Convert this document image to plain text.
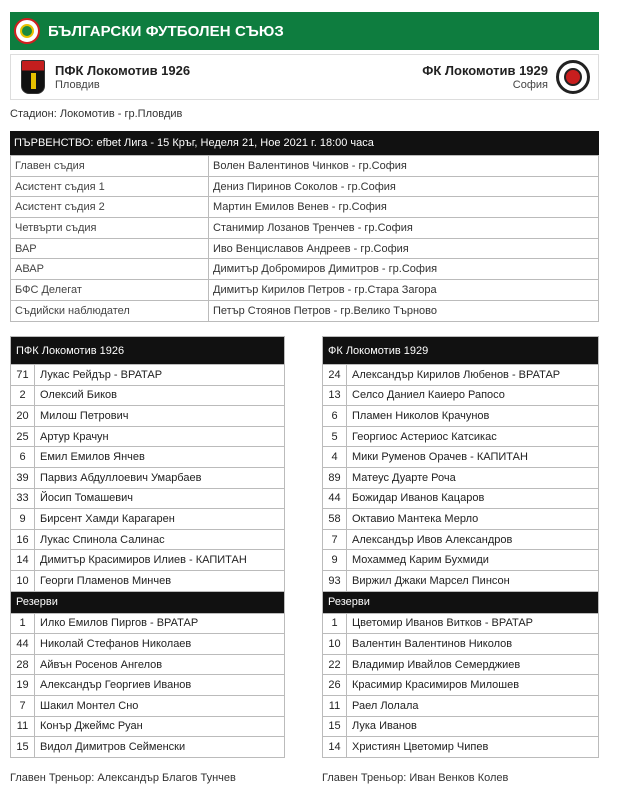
БЪЛГАРСКИ ФУТБОЛЕН СЪЮЗ
ПФК Локомотив 1926
Пловдив
ФК Локомотив 1929
София
Стадион: Локомотив - гр.Пловдив
ПЪРВЕНСТВО: efbet Лига - 15 Кръг, Неделя 21, Ное 2021 г. 18:00 часа
Главен съдия	Волен Валентинов Чинков - гр.София
Асистент съдия 1	Дениз Пиринов Соколов - гр.София
Асистент съдия 2	Мартин Емилов Венев - гр.София
Четвърти съдия	Станимир Лозанов Тренчев - гр.София
ВАР	Иво Венциславов Андреев - гр.София
АВАР	Димитър Добромиров Димитров - гр.София
БФС Делегат	Димитър Кирилов Петров - гр.Стара Загора
Съдийски наблюдател	Петър Стоянов Петров - гр.Велико Търново
ПФК Локомотив 1926	
71	Лукас Рейдър - ВРАТАР
2	Олексий Биков
20	Милош Петрович
25	Артур Крачун
6	Емил Емилов Янчев
39	Парвиз Абдуллоевич Умарбаев
33	Йосип Томашевич
9	Бирсент Хамди Карагарен
16	Лукас Спинола Салинас
14	Димитър Красимиров Илиев - КАПИТАН
10	Георги Пламенов Минчев
Резерви	
1	Илко Емилов Пиргов - ВРАТАР
44	Николай Стефанов Николаев
28	Айвън Росенов Ангелов
19	Александър Георгиев Иванов
7	Шакил Монтел Сно
11	Конър Джеймс Руан
15	Видол Димитров Сейменски
ФК Локомотив 1929	
24	Александър Кирилов Любенов - ВРАТАР
13	Селсо Даниел Каиеро Рапосо
6	Пламен Николов Крачунов
5	Георгиос Астериос Катсикас
4	Мики Руменов Орачев - КАПИТАН
89	Матеус Дуарте Роча
44	Божидар Иванов Кацаров
58	Октавио Мантека Мерло
7	Александър Ивов Александров
9	Мохаммед Карим Бухмиди
93	Виржил Джаки Марсел Пинсон
Резерви	
1	Цветомир Иванов Витков - ВРАТАР
10	Валентин Валентинов Николов
22	Владимир Ивайлов Семерджиев
26	Красимир Красимиров Милошев
11	Раел Лолала
15	Лука Иванов
14	Християн Цветомир Чипев
Главен Треньор: Александър Благов Тунчев	Главен Треньор: Иван Венков Колев
